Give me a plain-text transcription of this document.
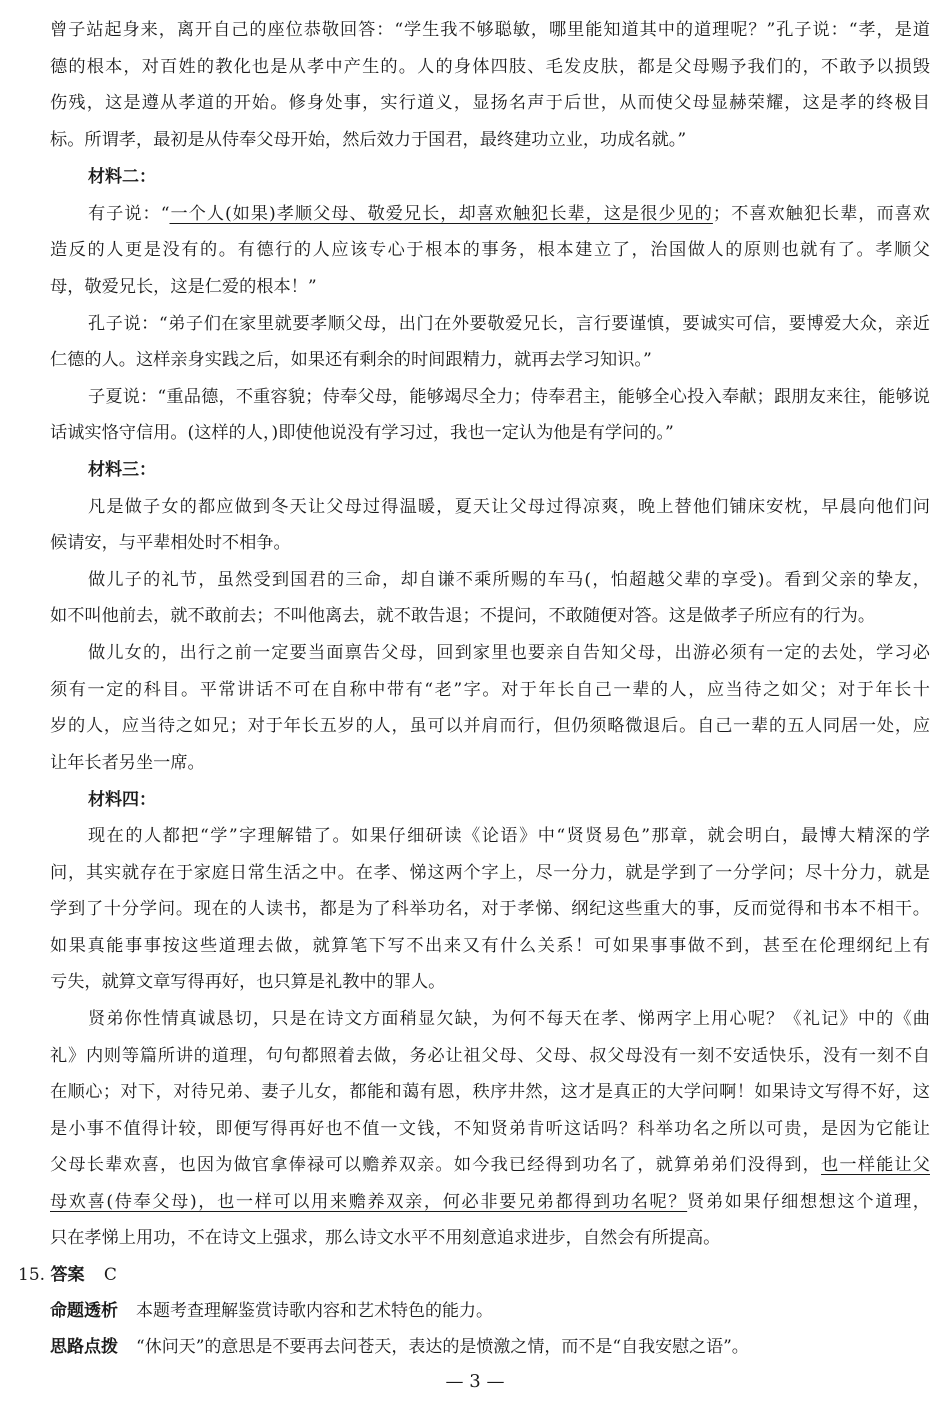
曾子站起身来，离开自己的座位恭敬回答：“学生我不够聪敏，哪里能知道其中的道理呢？”孔子说：“孝，是道
德的根本，对百姓的教化也是从孝中产生的。人的身体四肢、毛发皮肤，都是父母赐予我们的，不敢予以损毁
伤残，这是遵从孝道的开始。修身处事，实行道义，显扬名声于后世，从而使父母显赫荣耀，这是孝的终极目
标。所谓孝，最初是从侍奉父母开始，然后效力于国君，最终建功立业，功成名就。”
材料二：
有子说：“一个人(如果)孝顺父母、敬爱兄长，却喜欢触犯长辈，这是很少见的；不喜欢触犯长辈，而喜欢
造反的人更是没有的。有德行的人应该专心于根本的事务，根本建立了，治国做人的原则也就有了。孝顺父
母，敬爱兄长，这是仁爱的根本！”
孔子说：“弟子们在家里就要孝顺父母，出门在外要敬爱兄长，言行要谨慎，要诚实可信，要博爱大众，亲近
仁德的人。这样亲身实践之后，如果还有剩余的时间跟精力，就再去学习知识。”
子夏说：“重品德，不重容貌；侍奉父母，能够竭尽全力；侍奉君主，能够全心投入奉献；跟朋友来往，能够说
话诚实恪守信用。(这样的人，)即使他说没有学习过，我也一定认为他是有学问的。”
材料三：
凡是做子女的都应做到冬天让父母过得温暖，夏天让父母过得凉爽，晚上替他们铺床安枕，早晨向他们问
候请安，与平辈相处时不相争。
做儿子的礼节，虽然受到国君的三命，却自谦不乘所赐的车马(，怕超越父辈的享受)。看到父亲的挚友，
如不叫他前去，就不敢前去；不叫他离去，就不敢告退；不提问，不敢随便对答。这是做孝子所应有的行为。
做儿女的，出行之前一定要当面禀告父母，回到家里也要亲自告知父母，出游必须有一定的去处，学习必
须有一定的科目。平常讲话不可在自称中带有“老”字。对于年长自己一辈的人，应当待之如父；对于年长十
岁的人，应当待之如兄；对于年长五岁的人，虽可以并肩而行，但仍须略微退后。自己一辈的五人同居一处，应
让年长者另坐一席。
材料四：
现在的人都把“学”字理解错了。如果仔细研读《论语》中“贤贤易色”那章，就会明白，最博大精深的学
问，其实就存在于家庭日常生活之中。在孝、悌这两个字上，尽一分力，就是学到了一分学问；尽十分力，就是
学到了十分学问。现在的人读书，都是为了科举功名，对于孝悌、纲纪这些重大的事，反而觉得和书本不相干。
如果真能事事按这些道理去做，就算笔下写不出来又有什么关系！可如果事事做不到，甚至在伦理纲纪上有
亏失，就算文章写得再好，也只算是礼教中的罪人。
贤弟你性情真诚恳切，只是在诗文方面稍显欠缺，为何不每天在孝、悌两字上用心呢？《礼记》中的《曲
礼》内则等篇所讲的道理，句句都照着去做，务必让祖父母、父母、叔父母没有一刻不安适快乐，没有一刻不自
在顺心；对下，对待兄弟、妻子儿女，都能和蔼有恩，秩序井然，这才是真正的大学问啊！如果诗文写得不好，这
是小事不值得计较，即便写得再好也不值一文钱，不知贤弟肯听这话吗？科举功名之所以可贵，是因为它能让
父母长辈欢喜，也因为做官拿俸禄可以赡养双亲。如今我已经得到功名了，就算弟弟们没得到，也一样能让父
母欢喜(侍奉父母)，也一样可以用来赡养双亲，何必非要兄弟都得到功名呢？贤弟如果仔细想想这个道理，
只在孝悌上用功，不在诗文上强求，那么诗文水平不用刻意追求进步，自然会有所提高。
15. 答案 C
命题透析 本题考查理解鉴赏诗歌内容和艺术特色的能力。
思路点拨 “休问天”的意思是不要再去问苍天，表达的是愤激之情，而不是“自我安慰之语”。
— 3 —
